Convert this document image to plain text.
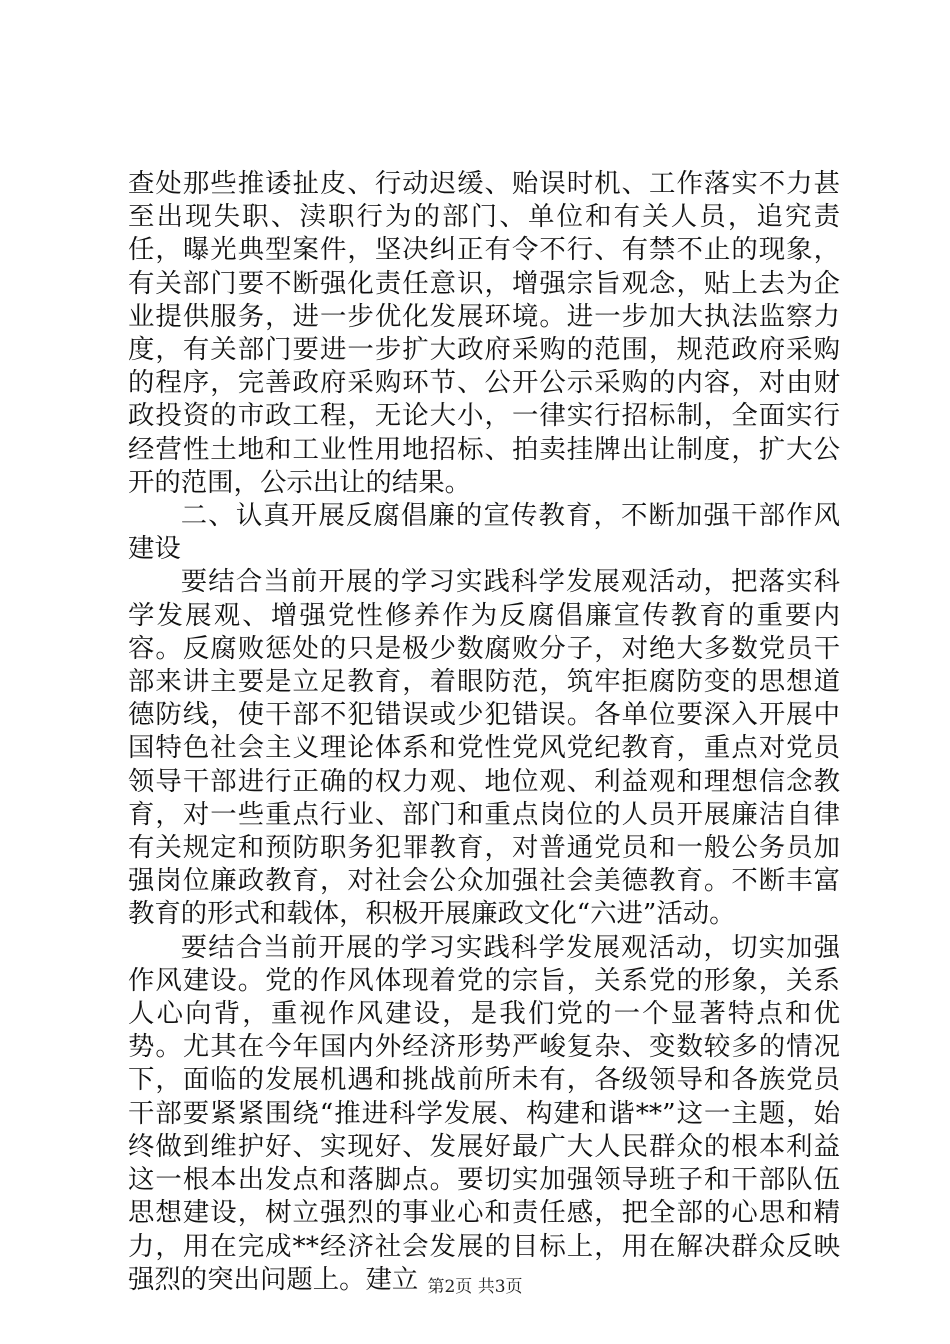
查处那些推诿扯皮、行动迟缓、贻误时机、工作落实不力甚至出现失职、渎职行为的部门、单位和有关人员，追究责任，曝光典型案件，坚决纠正有令不行、有禁不止的现象，有关部门要不断强化责任意识，增强宗旨观念，贴上去为企业提供服务，进一步优化发展环境。进一步加大执法监察力度，有关部门要进一步扩大政府采购的范围，规范政府采购的程序，完善政府采购环节、公开公示采购的内容，对由财政投资的市政工程，无论大小，一律实行招标制，全面实行经营性土地和工业性用地招标、拍卖挂牌出让制度，扩大公开的范围，公示出让的结果。

二、认真开展反腐倡廉的宣传教育，不断加强干部作风建设

要结合当前开展的学习实践科学发展观活动，把落实科学发展观、增强党性修养作为反腐倡廉宣传教育的重要内容。反腐败惩处的只是极少数腐败分子，对绝大多数党员干部来讲主要是立足教育，着眼防范，筑牢拒腐防变的思想道德防线，使干部不犯错误或少犯错误。各单位要深入开展中国特色社会主义理论体系和党性党风党纪教育，重点对党员领导干部进行正确的权力观、地位观、利益观和理想信念教育，对一些重点行业、部门和重点岗位的人员开展廉洁自律有关规定和预防职务犯罪教育，对普通党员和一般公务员加强岗位廉政教育，对社会公众加强社会美德教育。不断丰富教育的形式和载体，积极开展廉政文化“六进”活动。

要结合当前开展的学习实践科学发展观活动，切实加强作风建设。党的作风体现着党的宗旨，关系党的形象，关系人心向背，重视作风建设，是我们党的一个显著特点和优势。尤其在今年国内外经济形势严峻复杂、变数较多的情况下，面临的发展机遇和挑战前所未有，各级领导和各族党员干部要紧紧围绕“推进科学发展、构建和谐**”这一主题，始终做到维护好、实现好、发展好最广大人民群众的根本利益这一根本出发点和落脚点。要切实加强领导班子和干部队伍思想建设，树立强烈的事业心和责任感，把全部的心思和精力，用在完成**经济社会发展的目标上，用在解决群众反映强烈的突出问题上。建立 第2页 共3页
